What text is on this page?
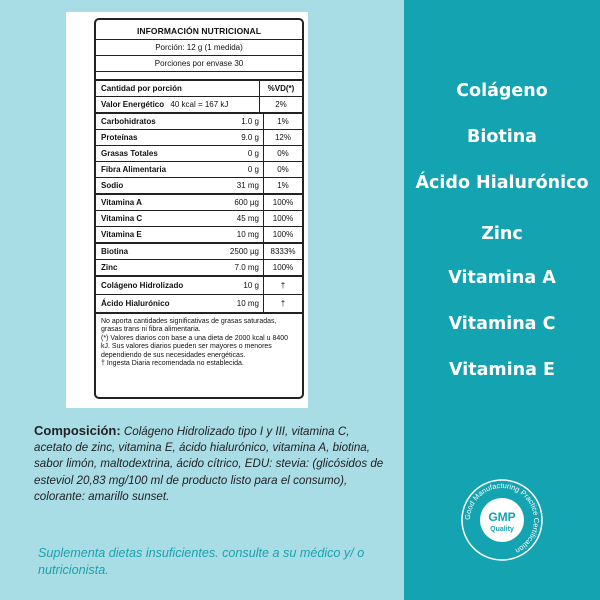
INFORMACIÓN NUTRICIONAL
Porción: 12 g (1 medida)
Porciones por envase 30
Cantidad por porción	%VD(*)
Valor Energético 40 kcal = 167 kJ	2%
Carbohidratos	1.0 g	1%
Proteínas	9.0 g	12%
Grasas Totales	0 g	0%
Fibra Alimentaria	0 g	0%
Sodio	31 mg	1%
Vitamina A	600 µg	100%
Vitamina C	45 mg	100%
Vitamina E	10 mg	100%
Biotina	2500 µg	8333%
Zinc	7.0 mg	100%
Colágeno Hidrolizado	10 g	†
Ácido Hialurónico	10 mg	†

No aporta cantidades significativas de grasas saturadas, grasas trans ni fibra alimentaria.

(*) Valores diarios con base a una dieta de 2000 kcal u 8400 kJ. Sus valores diarios pueden ser mayores o menores dependiendo de sus necesidades energéticas.

† Ingesta Diaria recomendada no establecida.

Composición: Colágeno Hidrolizado tipo I y III, vitamina C, acetato de zinc, vitamina E, ácido hialurónico, vitamina A, biotina, sabor limón, maltodextrina, ácido cítrico, EDU: stevia: (glicósidos de esteviol 20,83 mg/100 ml de producto listo para el consumo), colorante: amarillo sunset.
Suplementa dietas insuficientes. consulte a su médico y/ o nutricionista.
Colágeno
Biotina
Ácido Hialurónico
Zinc
Vitamina A
Vitamina C
Vitamina E
Good Manufacturing Practice Certification
GMP
Quality
